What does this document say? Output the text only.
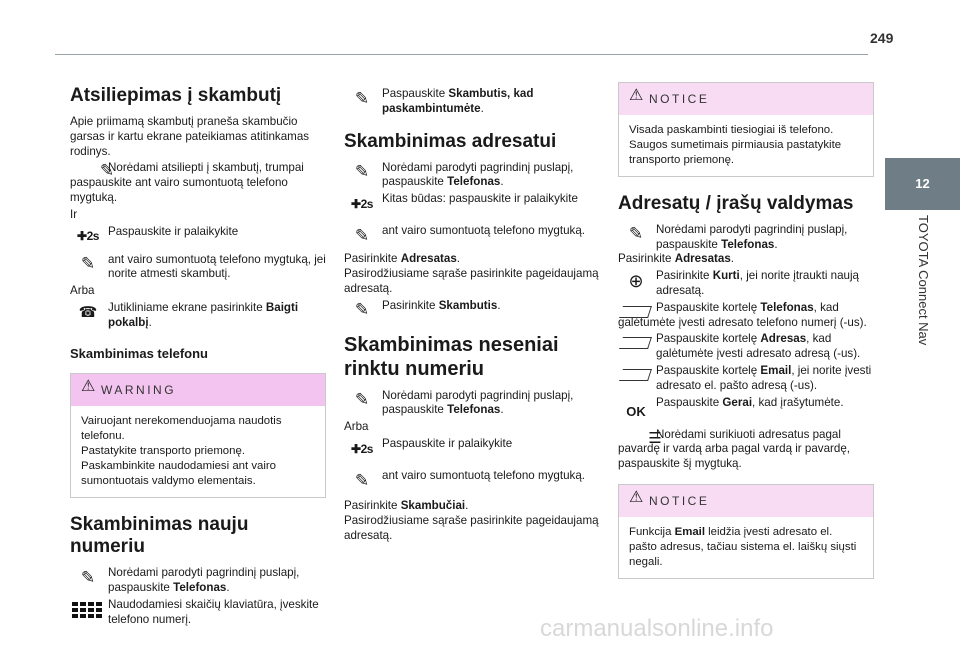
249
12
TOYOTA Connect Nav
Atsiliepimas į skambutį

Apie priimamą skambutį praneša skambučio garsas ir kartu ekrane pateikiamas atitinkamas rodinys.

✎
Norėdami atsiliepti į skambutį, trumpai paspauskite ant vairo sumontuotą telefono mygtuką.

Ir

✚2s Paspauskite ir palaikykite
✎	ant vairo sumontuotą telefono mygtuką, jei norite atmesti skambutį.

Arba

☎ Jutikliniame ekrane pasirinkite Baigti pokalbį.
Skambinimas telefonu
⚠ WARNING
Vairuojant nerekomenduojama naudotis telefonu.
Pastatykite transporto priemonę.
Paskambinkite naudodamiesi ant vairo sumontuotais valdymo elementais.
Skambinimas nauju numeriu
✎	Norėdami parodyti pagrindinį puslapį, paspauskite Telefonas.
Naudodamiesi skaičių klaviatūra, įveskite telefono numerį.
✎	Paspauskite Skambutis, kad paskambintumėte.
Skambinimas adresatui
✎	Norėdami parodyti pagrindinį puslapį, paspauskite Telefonas.
✚2s Kitas būdas: paspauskite ir palaikykite
✎	ant vairo sumontuotą telefono mygtuką.

Pasirinkite Adresatas.

Pasirodžiusiame sąraše pasirinkite pageidaujamą adresatą.

✎	Pasirinkite Skambutis.
Skambinimas neseniai rinktu numeriu
✎	Norėdami parodyti pagrindinį puslapį, paspauskite Telefonas.

Arba

✚2s Paspauskite ir palaikykite
✎	ant vairo sumontuotą telefono mygtuką.

Pasirinkite Skambučiai.

Pasirodžiusiame sąraše pasirinkite pageidaujamą adresatą.

⚠ NOTICE
Visada paskambinti tiesiogiai iš telefono. Saugos sumetimais pirmiausia pastatykite transporto priemonę.
Adresatų / įrašų valdymas
✎	Norėdami parodyti pagrindinį puslapį, paspauskite Telefonas.

Pasirinkite Adresatas.

⊕	Pasirinkite Kurti, jei norite įtraukti naują adresatą.
Paspauskite kortelę Telefonas, kad galėtumėte įvesti adresato telefono numerį (-us).
Paspauskite kortelę Adresas, kad galėtumėte įvesti adresato adresą (-us).
Paspauskite kortelę Email, jei norite įvesti adresato el. pašto adresą (-us).
OK
Paspauskite Gerai, kad įrašytumėte.
☰
Norėdami surikiuoti adresatus pagal pavardę ir vardą arba pagal vardą ir pavardę, paspauskite šį mygtuką.
⚠ NOTICE
Funkcija Email leidžia įvesti adresato el. pašto adresus, tačiau sistema el. laiškų siųsti negali.
carmanualsonline.info
